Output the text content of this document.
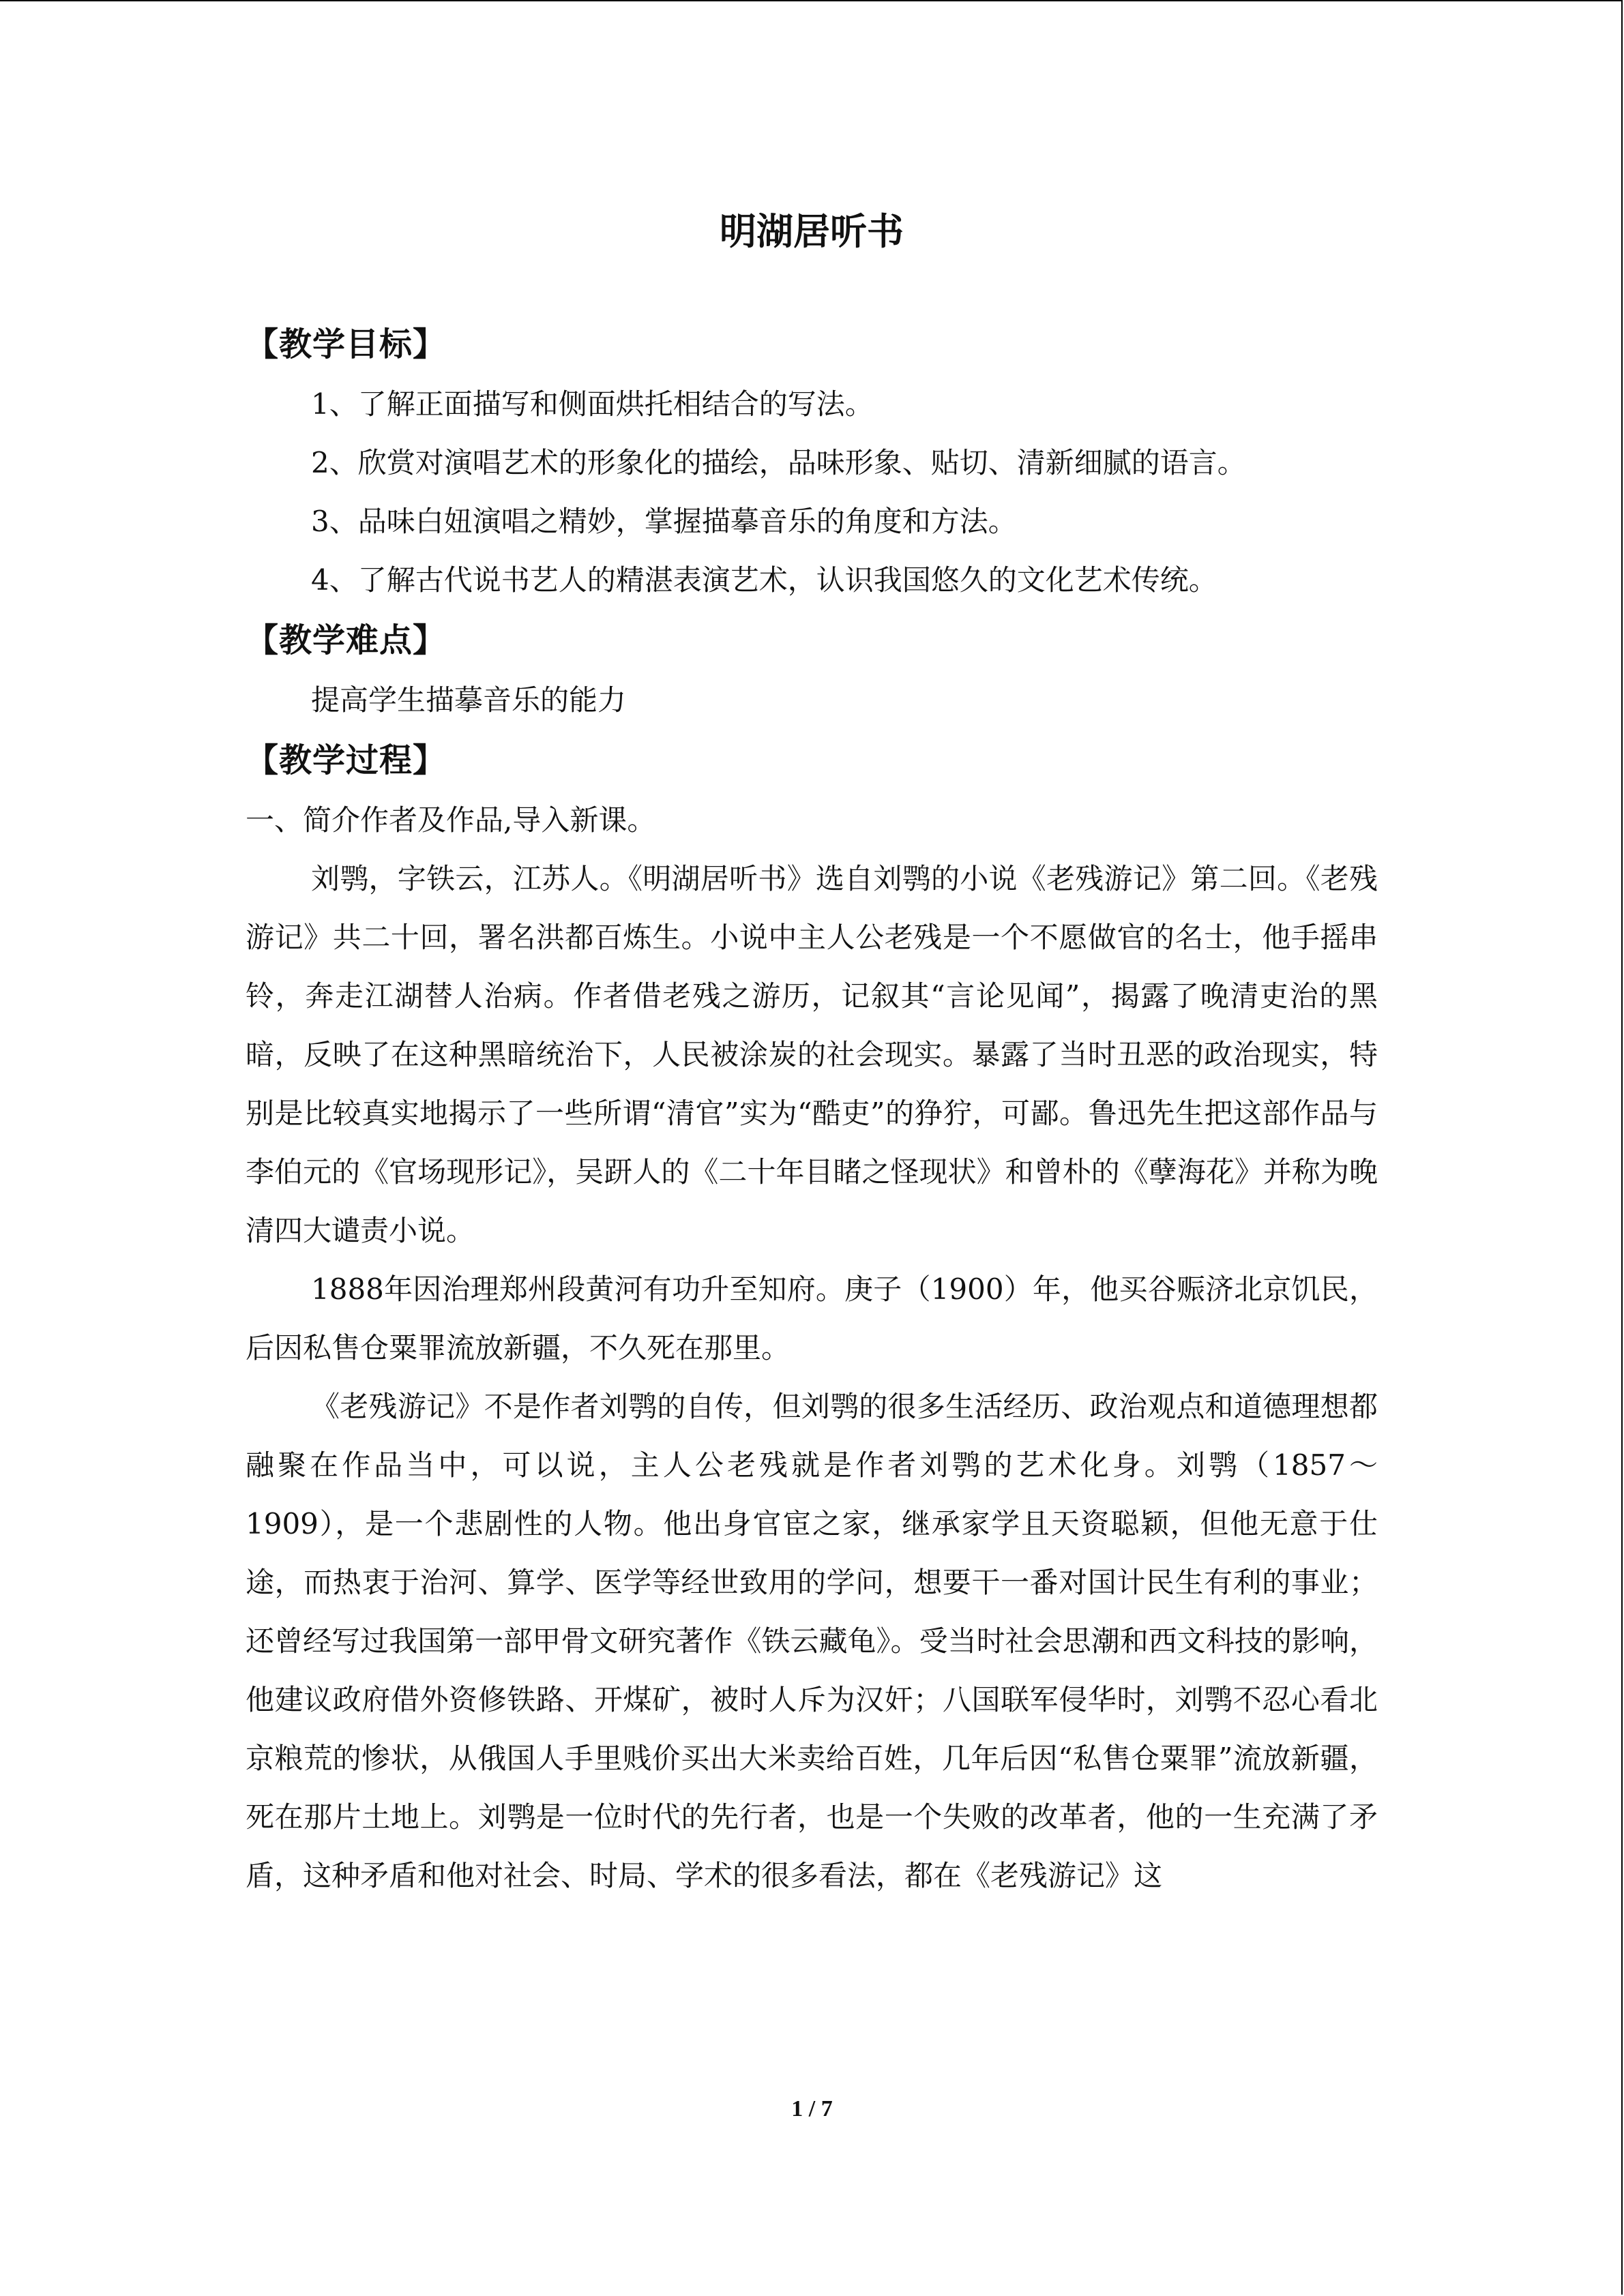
明湖居听书
【教学目标】

1、了解正面描写和侧面烘托相结合的写法。

2、欣赏对演唱艺术的形象化的描绘，品味形象、贴切、清新细腻的语言。

3、品味白妞演唱之精妙，掌握描摹音乐的角度和方法。

4、了解古代说书艺人的精湛表演艺术，认识我国悠久的文化艺术传统。

【教学难点】

提高学生描摹音乐的能力

【教学过程】

一、简介作者及作品,导入新课。

刘鹗，字铁云，江苏人。《明湖居听书》选自刘鹗的小说《老残游记》第二回。《老残游记》共二十回，署名洪都百炼生。小说中主人公老残是一个不愿做官的名士，他手摇串铃，奔走江湖替人治病。作者借老残之游历，记叙其“言论见闻”，揭露了晚清吏治的黑暗，反映了在这种黑暗统治下，人民被涂炭的社会现实。暴露了当时丑恶的政治现实，特别是比较真实地揭示了一些所谓“清官”实为“酷吏”的狰狞，可鄙。鲁迅先生把这部作品与李伯元的《官场现形记》，吴趼人的《二十年目睹之怪现状》和曾朴的《孽海花》并称为晚清四大谴责小说。

1888年因治理郑州段黄河有功升至知府。庚子（1900）年，他买谷赈济北京饥民，后因私售仓粟罪流放新疆，不久死在那里。

《老残游记》不是作者刘鹗的自传，但刘鹗的很多生活经历、政治观点和道德理想都融聚在作品当中，可以说，主人公老残就是作者刘鹗的艺术化身。刘鹗（1857～1909），是一个悲剧性的人物。他出身官宦之家，继承家学且天资聪颖，但他无意于仕途，而热衷于治河、算学、医学等经世致用的学问，想要干一番对国计民生有利的事业；还曾经写过我国第一部甲骨文研究著作《铁云藏龟》。受当时社会思潮和西文科技的影响，他建议政府借外资修铁路、开煤矿，被时人斥为汉奸；八国联军侵华时，刘鹗不忍心看北京粮荒的惨状，从俄国人手里贱价买出大米卖给百姓，几年后因“私售仓粟罪”流放新疆，死在那片土地上。刘鹗是一位时代的先行者，也是一个失败的改革者，他的一生充满了矛盾，这种矛盾和他对社会、时局、学术的很多看法，都在《老残游记》这

1 / 7
